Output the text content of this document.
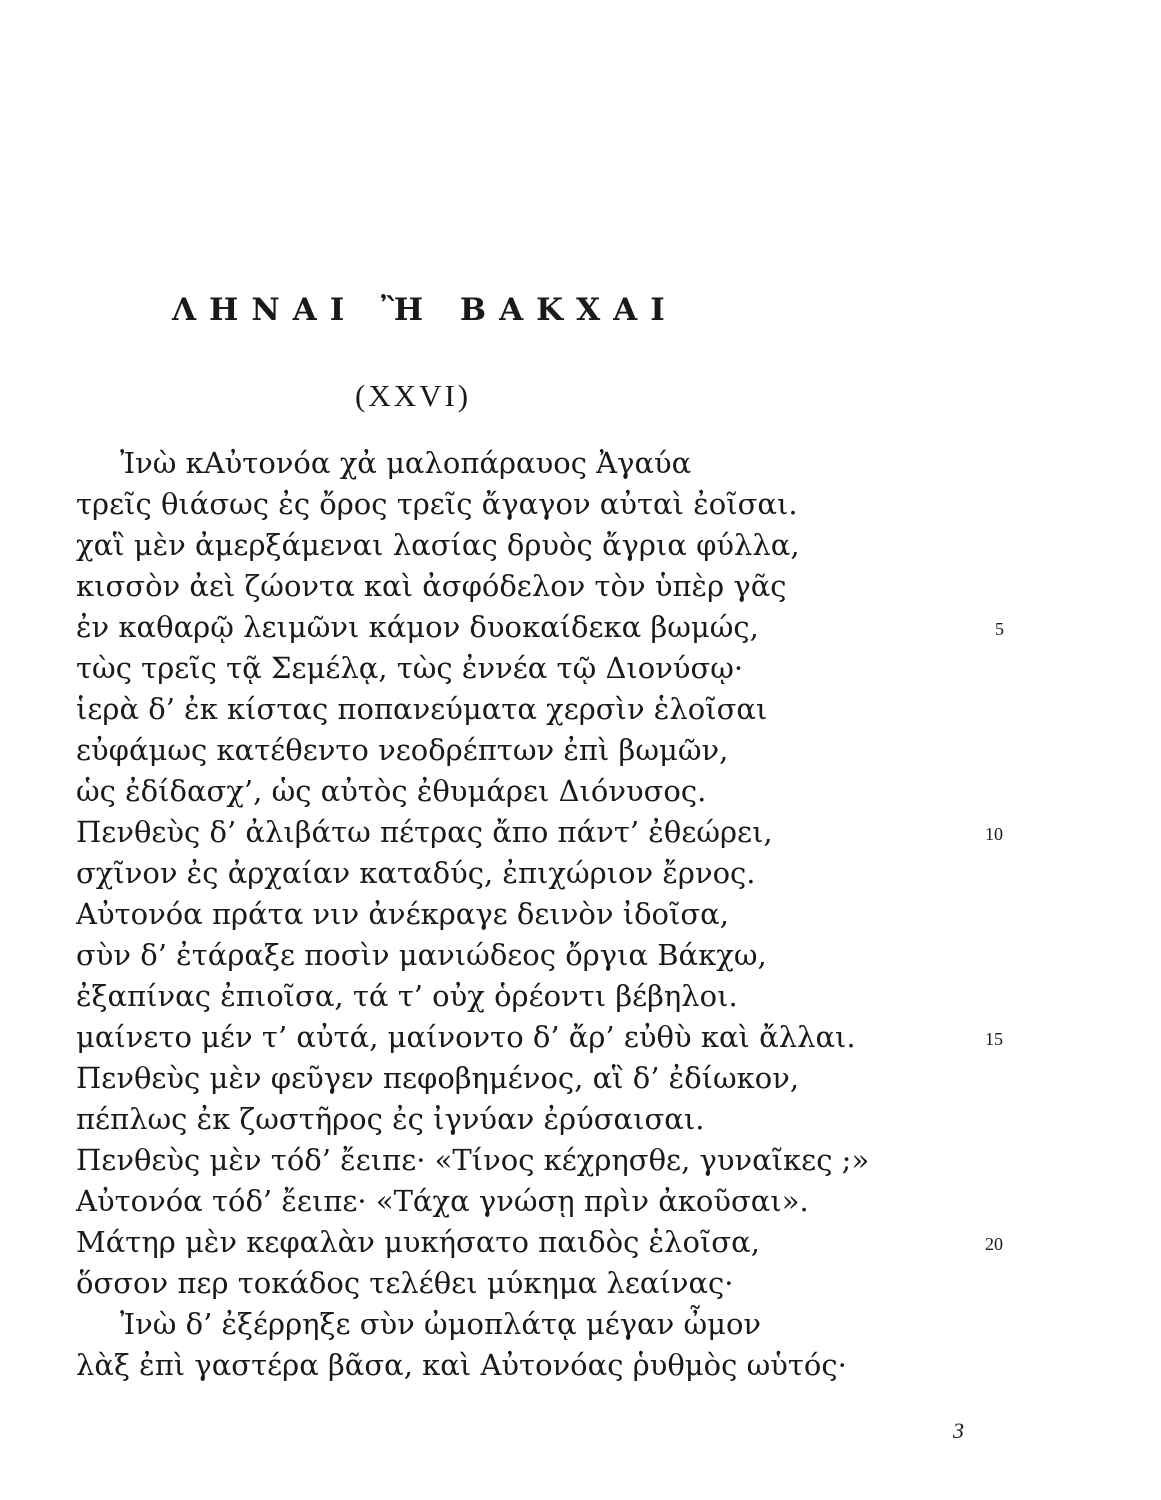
ΛΗΝΑΙ Ἢ ΒΑΚΧΑΙ
(XXVI)
Ἰνὼ κΑὐτονόα χἀ μαλοπάραυος Ἀγαύα
τρεῖς θιάσως ἐς ὄρος τρεῖς ἄγαγον αὐταὶ ἐοῖσαι.
χαἳ μὲν ἀμερξάμεναι λασίας δρυὸς ἄγρια φύλλα,
κισσὸν ἀεὶ ζώοντα καὶ ἀσφόδελον τὸν ὑπὲρ γᾶς
ἐν καθαρῷ λειμῶνι κάμον δυοκαίδεκα βωμώς,	5
τὼς τρεῖς τᾷ Σεμέλᾳ, τὼς ἐννέα τῷ Διονύσῳ·
ἱερὰ δ’ ἐκ κίστας ποπανεύματα χερσὶν ἑλοῖσαι
εὐφάμως κατέθεντο νεοδρέπτων ἐπὶ βωμῶν,
ὡς ἐδίδασχ’, ὡς αὐτὸς ἐθυμάρει Διόνυσος.
Πενθεὺς δ’ ἀλιβάτω πέτρας ἄπο πάντ’ ἐθεώρει,	10
σχῖνον ἐς ἀρχαίαν καταδύς, ἐπιχώριον ἔρνος.
Αὐτονόα πράτα νιν ἀνέκραγε δεινὸν ἰδοῖσα,
σὺν δ’ ἐτάραξε ποσὶν μανιώδεος ὄργια Βάκχω,
ἐξαπίνας ἐπιοῖσα, τά τ’ οὐχ ὁρέοντι βέβηλοι.
μαίνετο μέν τ’ αὐτά, μαίνοντο δ’ ἄρ’ εὐθὺ καὶ ἄλλαι.	15
Πενθεὺς μὲν φεῦγεν πεφοβημένος, αἳ δ’ ἐδίωκον,
πέπλως ἐκ ζωστῆρος ἐς ἰγνύαν ἐρύσαισαι.
Πενθεὺς μὲν τόδ’ ἔειπε· «Τίνος κέχρησθε, γυναῖκες ;»
Αὐτονόα τόδ’ ἔειπε· «Τάχα γνώσῃ πρὶν ἀκοῦσαι».
Μάτηρ μὲν κεφαλὰν μυκήσατο παιδὸς ἑλοῖσα,	20
ὅσσον περ τοκάδος τελέθει μύκημα λεαίνας·
Ἰνὼ δ’ ἐξέρρηξε σὺν ὠμοπλάτᾳ μέγαν ὦμον
λὰξ ἐπὶ γαστέρα βᾶσα, καὶ Αὐτονόας ῥυθμὸς ωὑτός·
3
